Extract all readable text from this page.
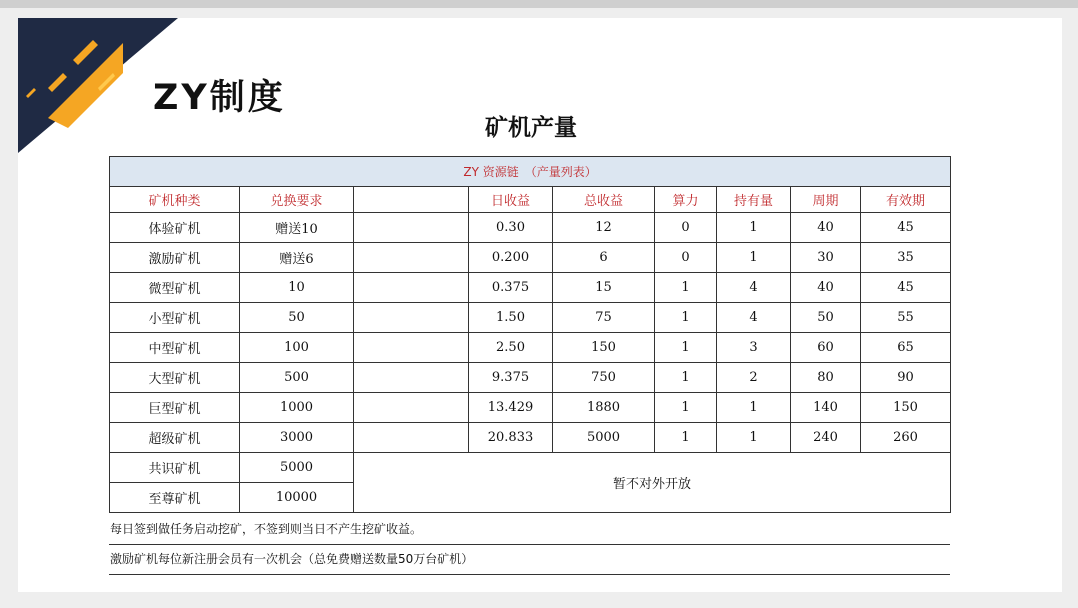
ZY制度
矿机产量
ZY 资源链　（产量列表）								
矿机种类	兑换要求		日收益	总收益	算力	持有量	周期	有效期
体验矿机	赠送10		0.30	12	0	1	40	45
激励矿机	赠送6		0.200	6	0	1	30	35
微型矿机	10		0.375	15	1	4	40	45
小型矿机	50		1.50	75	1	4	50	55
中型矿机	100		2.50	150	1	3	60	65
大型矿机	500		9.375	750	1	2	80	90
巨型矿机	1000		13.429	1880	1	1	140	150
超级矿机	3000		20.833	5000	1	1	240	260
共识矿机	5000	暂不对外开放						
至尊矿机	10000							
每日签到做任务启动挖矿，不签到则当日不产生挖矿收益。
激励矿机每位新注册会员有一次机会（总免费赠送数量50万台矿机）
